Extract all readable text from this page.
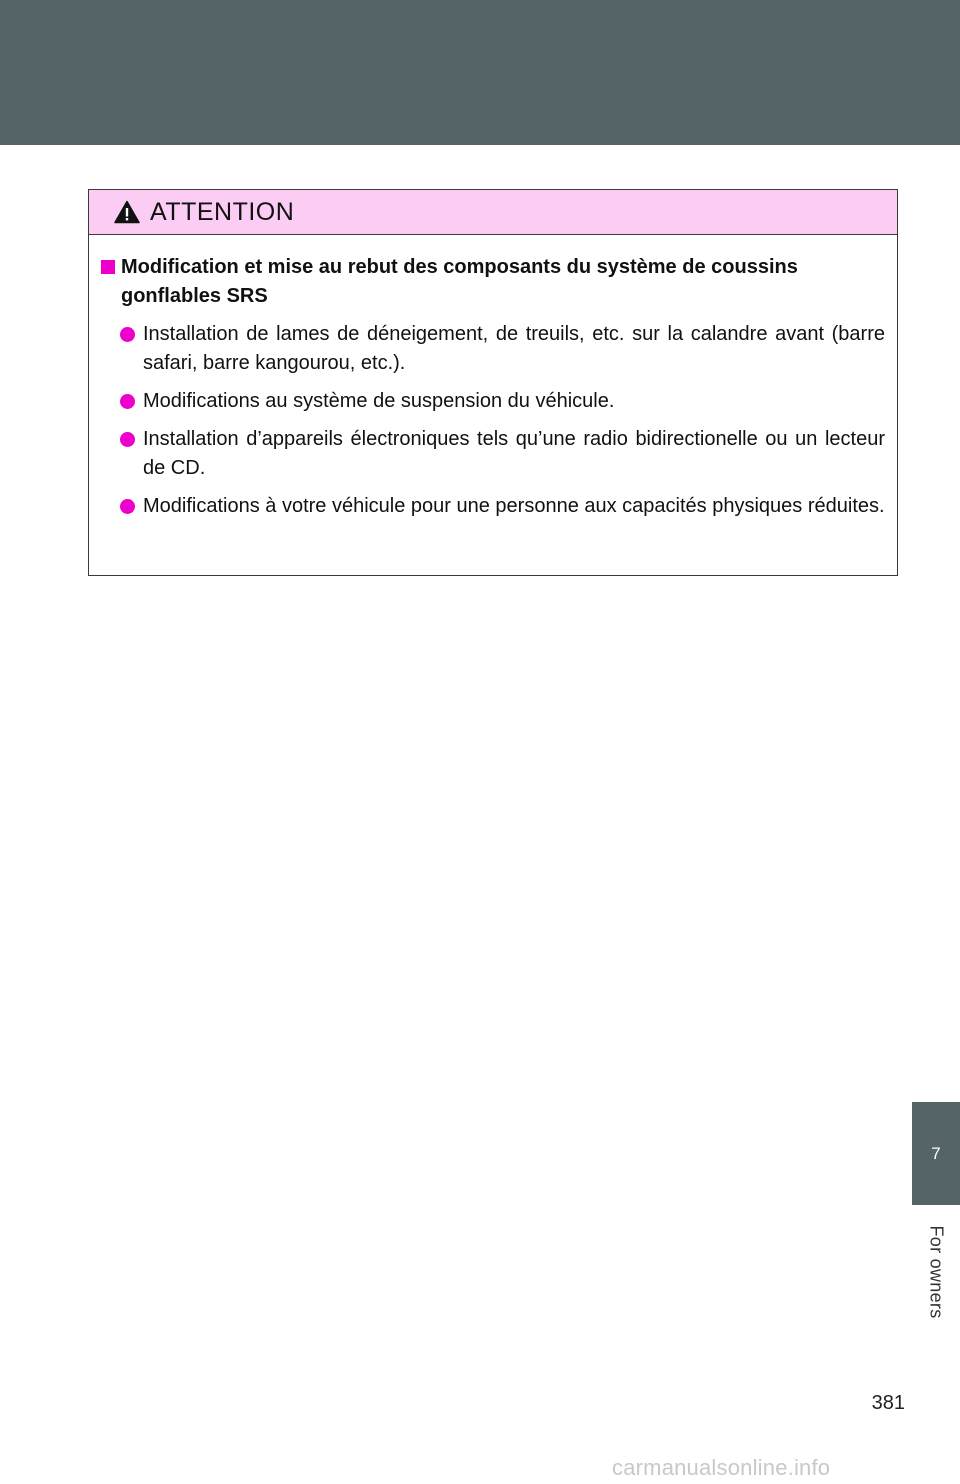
ATTENTION
Modification et mise au rebut des composants du système de coussins gonflables SRS
Installation de lames de déneigement, de treuils, etc. sur la calandre avant (barre safari, barre kangourou, etc.).
Modifications au système de suspension du véhicule.
Installation d’appareils électroniques tels qu’une radio bidirectionelle ou un lecteur de CD.
Modifications à votre véhicule pour une personne aux capacités physiques réduites.
7
For owners
381
carmanualsonline.info
